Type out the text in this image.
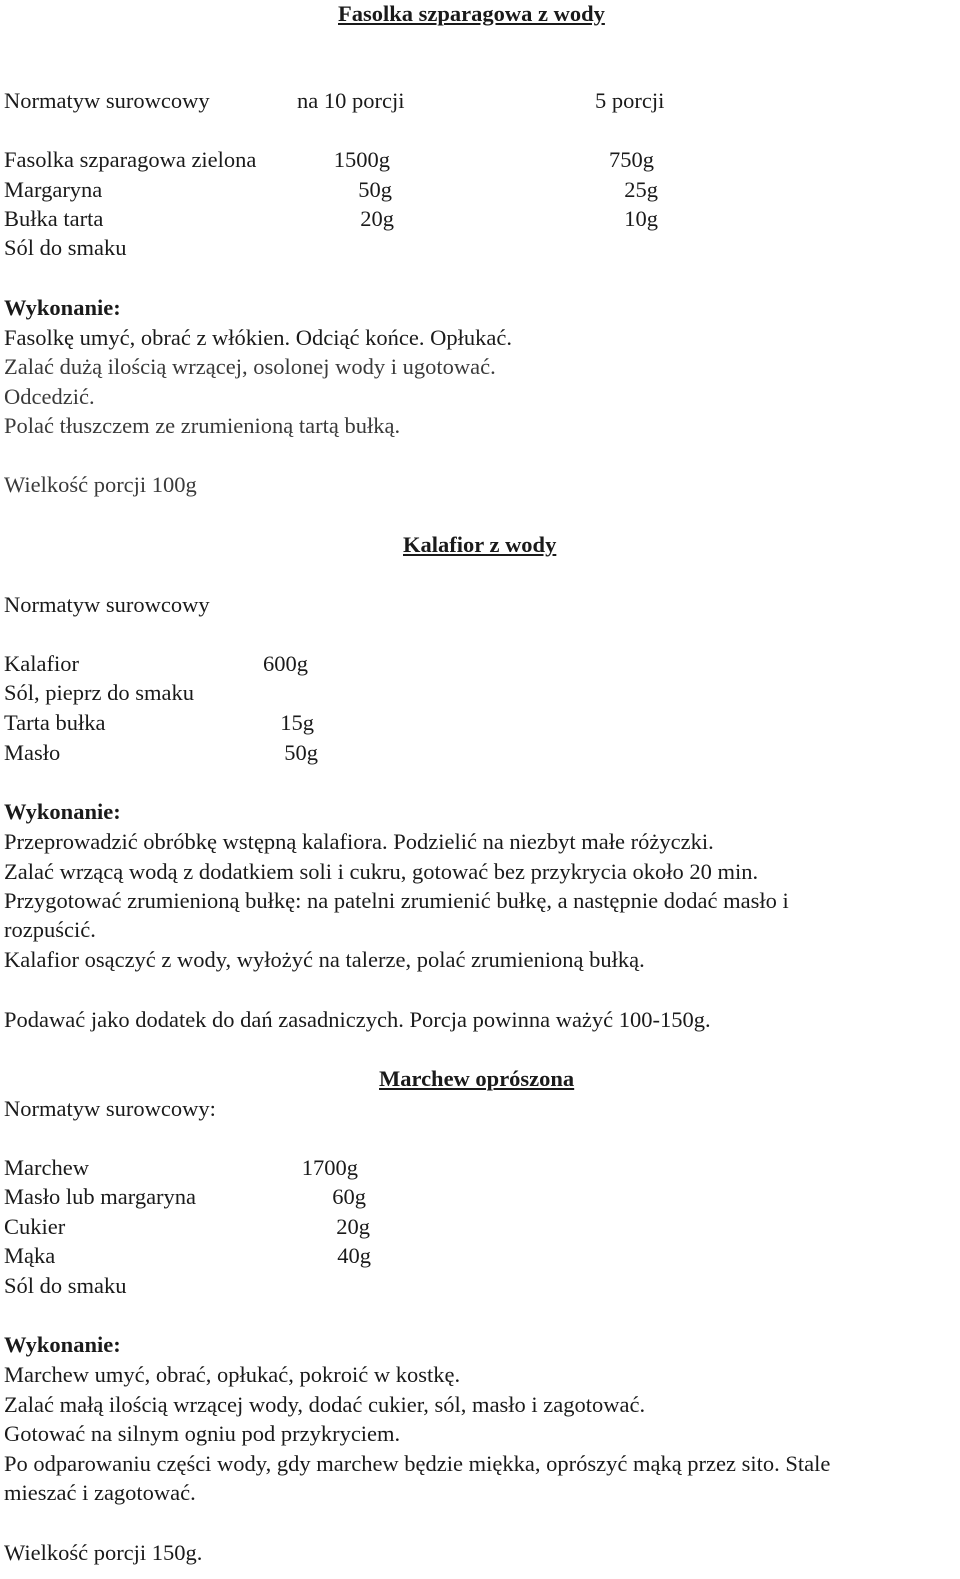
Fasolka szparagowa z wody
Normatyw surowcowy	na 10 porcji	5 porcji
Fasolka szparagowa zielona	1500g	750g
Margaryna	50g	25g
Bułka tarta	20g	10g
Sól do smaku
Wykonanie:
Fasolkę umyć, obrać z włókien. Odciąć końce. Opłukać.
Zalać dużą ilością wrzącej, osolonej wody i ugotować.
Odcedzić.
Polać tłuszczem ze zrumienioną tartą bułką.
Wielkość porcji 100g
Kalafior z wody
Normatyw surowcowy
Kalafior	600g
Sól, pieprz do smaku
Tarta bułka	15g
Masło	50g
Wykonanie:
Przeprowadzić obróbkę wstępną kalafiora. Podzielić na niezbyt małe różyczki.
Zalać wrzącą wodą z dodatkiem soli i cukru, gotować bez przykrycia około 20 min.
Przygotować zrumienioną bułkę: na patelni zrumienić bułkę, a następnie dodać masło i
rozpuścić.
Kalafior osączyć z wody, wyłożyć na talerze, polać zrumienioną bułką.
Podawać jako dodatek do dań zasadniczych. Porcja powinna ważyć 100-150g.
Marchew oprószona
Normatyw surowcowy:
Marchew	1700g
Masło lub margaryna	60g
Cukier	20g
Mąka	40g
Sól do smaku
Wykonanie:
Marchew umyć, obrać, opłukać, pokroić w kostkę.
Zalać małą ilością wrzącej wody, dodać cukier, sól, masło i zagotować.
Gotować na silnym ogniu pod przykryciem.
Po odparowaniu części wody, gdy marchew będzie miękka, oprószyć mąką przez sito. Stale
mieszać i zagotować.
Wielkość porcji 150g.
